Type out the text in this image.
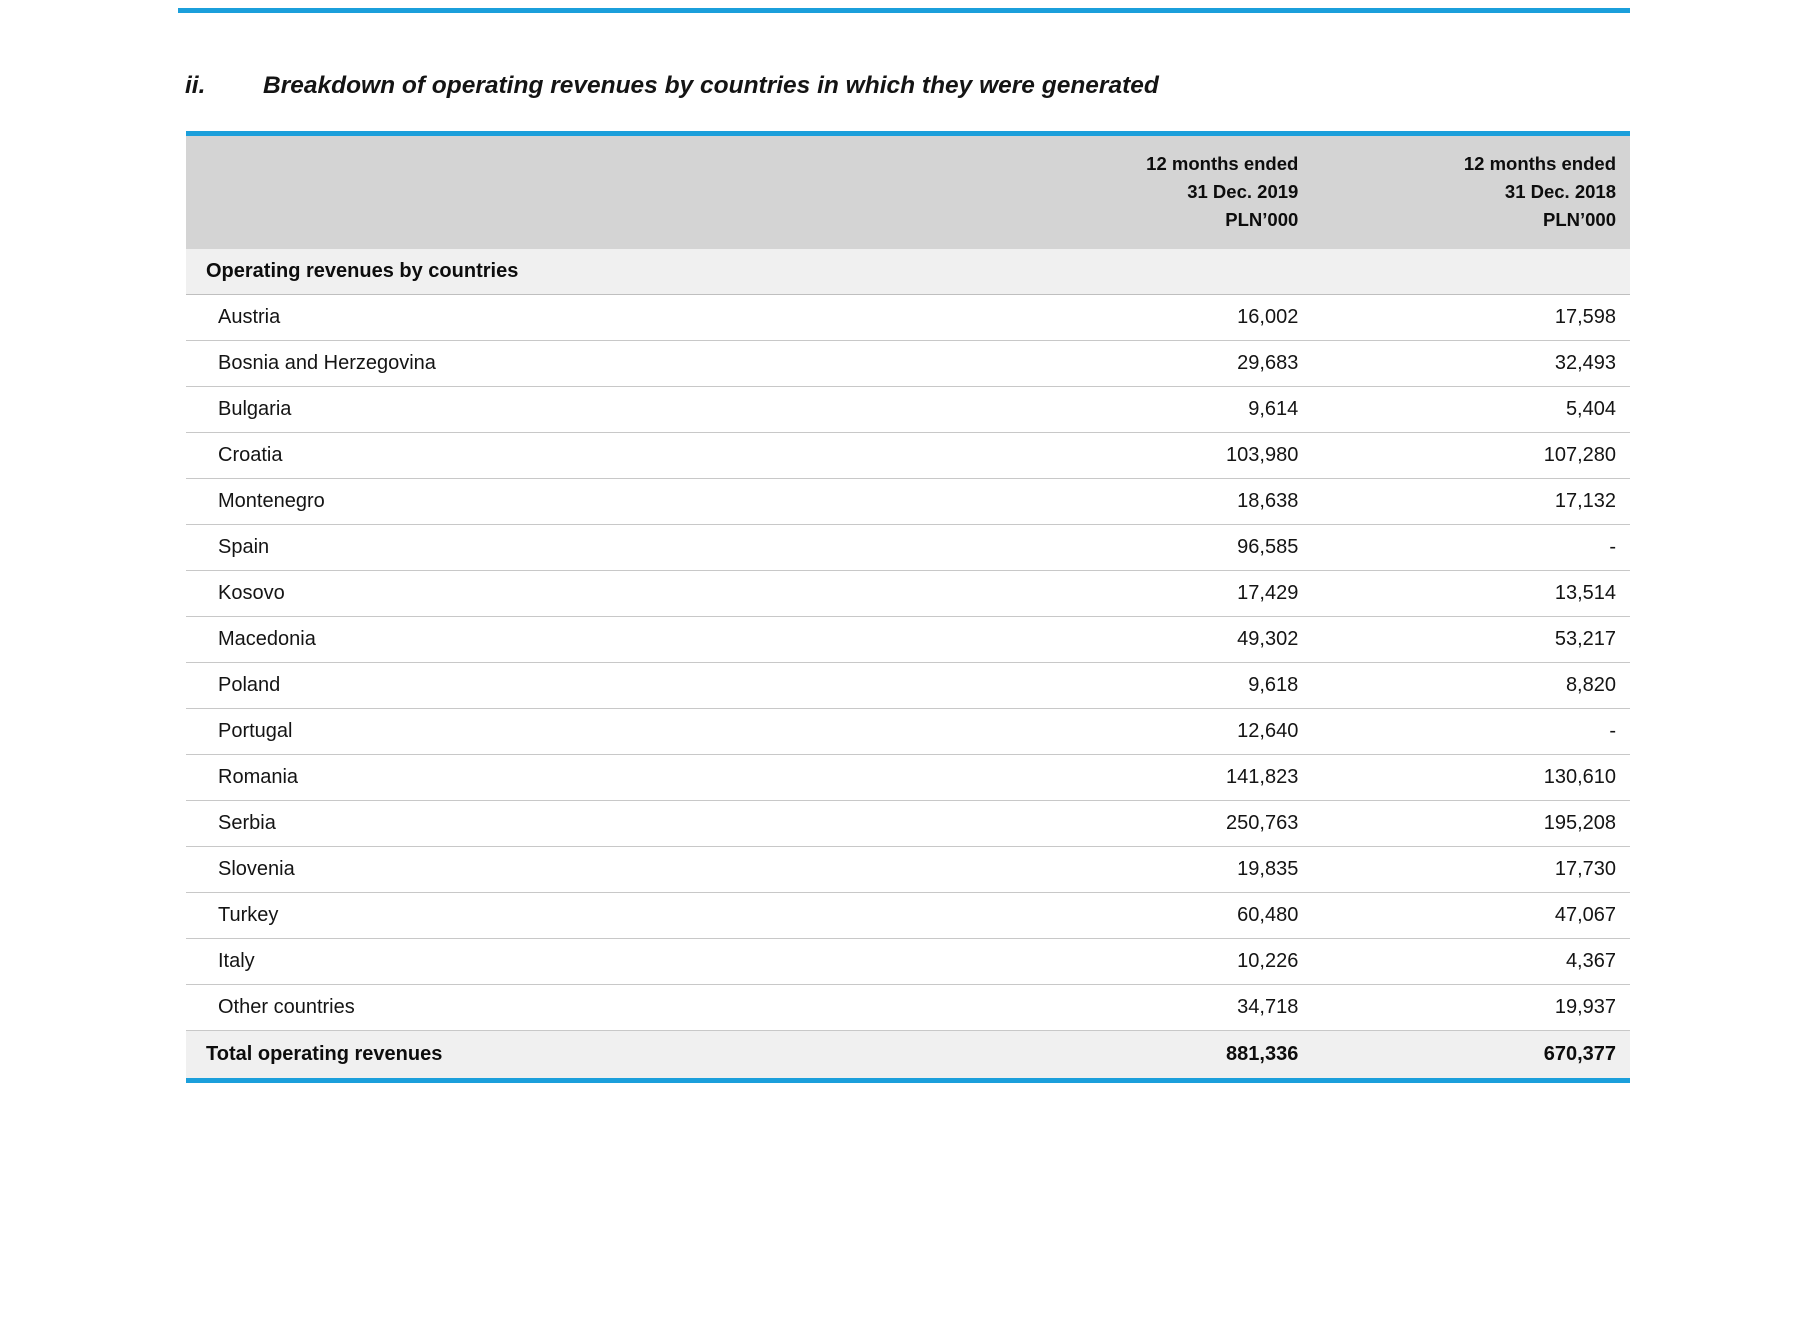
ii. Breakdown of operating revenues by countries in which they were generated

12 months ended
31 Dec. 2019
PLN’000

12 months ended
31 Dec. 2018
PLN’000

Operating revenues by countries		
Austria	16,002	17,598
Bosnia and Herzegovina	29,683	32,493
Bulgaria	9,614	5,404
Croatia	103,980	107,280
Montenegro	18,638	17,132
Spain	96,585	-
Kosovo	17,429	13,514
Macedonia	49,302	53,217
Poland	9,618	8,820
Portugal	12,640	-
Romania	141,823	130,610
Serbia	250,763	195,208
Slovenia	19,835	17,730
Turkey	60,480	47,067
Italy	10,226	4,367
Other countries	34,718	19,937
Total operating revenues	881,336	670,377
